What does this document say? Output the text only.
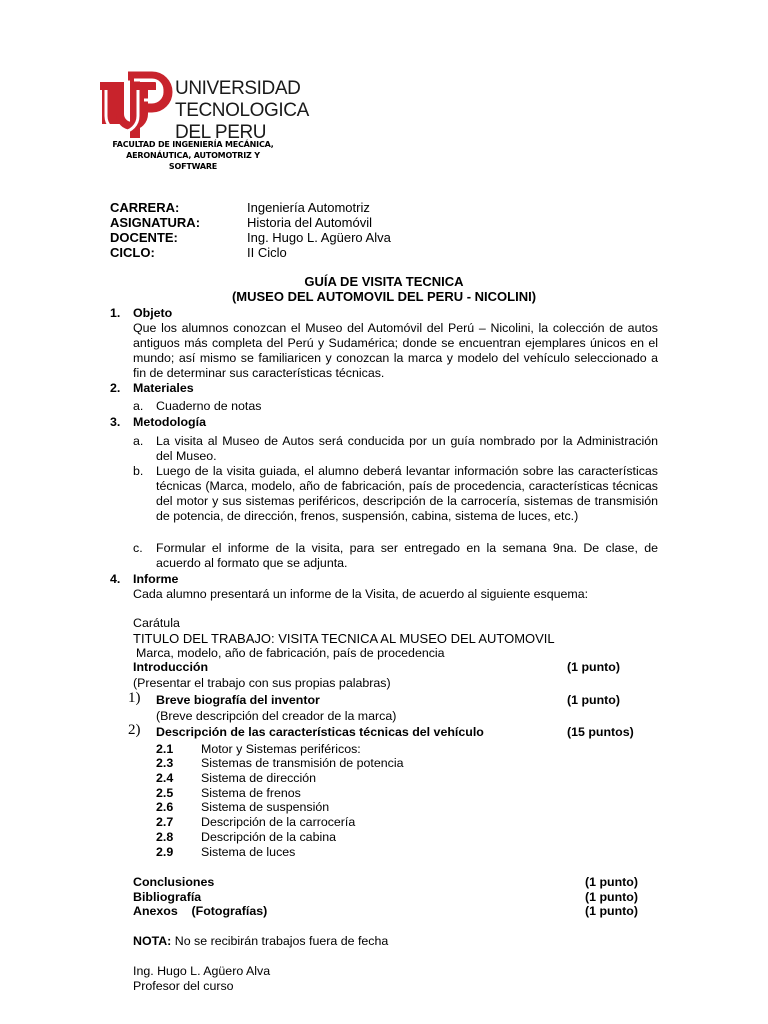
UNIVERSIDAD
TECNOLOGICA
DEL PERU
FACULTAD DE INGENIERÍA MECÁNICA,
AERONÁUTICA, AUTOMOTRIZ Y
SOFTWARE
CARRERA:	Ingeniería Automotriz
ASIGNATURA:	Historia del Automóvil
DOCENTE:	Ing. Hugo L. Agüero Alva
CICLO:	II Ciclo
GUÍA DE VISITA TECNICA
(MUSEO DEL AUTOMOVIL DEL PERU - NICOLINI)
1. Objeto
Que los alumnos conozcan el Museo del Automóvil del Perú – Nicolini, la colección de autos antiguos más completa del Perú y Sudamérica; donde se encuentran ejemplares únicos en el mundo; así mismo se familiaricen y conozcan la marca y modelo del vehículo seleccionado a fin de determinar sus características técnicas.
2. Materiales
a. Cuaderno de notas
3. Metodología
a. La visita al Museo de Autos será conducida por un guía nombrado por la Administración del Museo.
b. Luego de la visita guiada, el alumno deberá levantar información sobre las características técnicas (Marca, modelo, año de fabricación, país de procedencia, características técnicas del motor y sus sistemas periféricos, descripción de la carrocería, sistemas de transmisión de potencia, de dirección, frenos, suspensión, cabina, sistema de luces, etc.)
c. Formular el informe de la visita, para ser entregado en la semana 9na. De clase, de acuerdo al formato que se adjunta.
4. Informe
Cada alumno presentará un informe de la Visita, de acuerdo al siguiente esquema:
Carátula
TITULO DEL TRABAJO: VISITA TECNICA AL MUSEO DEL AUTOMOVIL
Marca, modelo, año de fabricación, país de procedencia
Introducción	(1 punto)
(Presentar el trabajo con sus propias palabras)
1) Breve biografía del inventor	(1 punto)
(Breve descripción del creador de la marca)
2) Descripción de las características técnicas del vehículo	(15 puntos)
2.1 Motor y Sistemas periféricos:
2.3 Sistemas de transmisión de potencia
2.4 Sistema de dirección
2.5 Sistema de frenos
2.6 Sistema de suspensión
2.7 Descripción de la carrocería
2.8 Descripción de la cabina
2.9 Sistema de luces
Conclusiones	(1 punto)
Bibliografía	(1 punto)
Anexos    (Fotografías)	(1 punto)
NOTA: No se recibirán trabajos fuera de fecha
Ing. Hugo L. Agüero Alva
Profesor del curso
